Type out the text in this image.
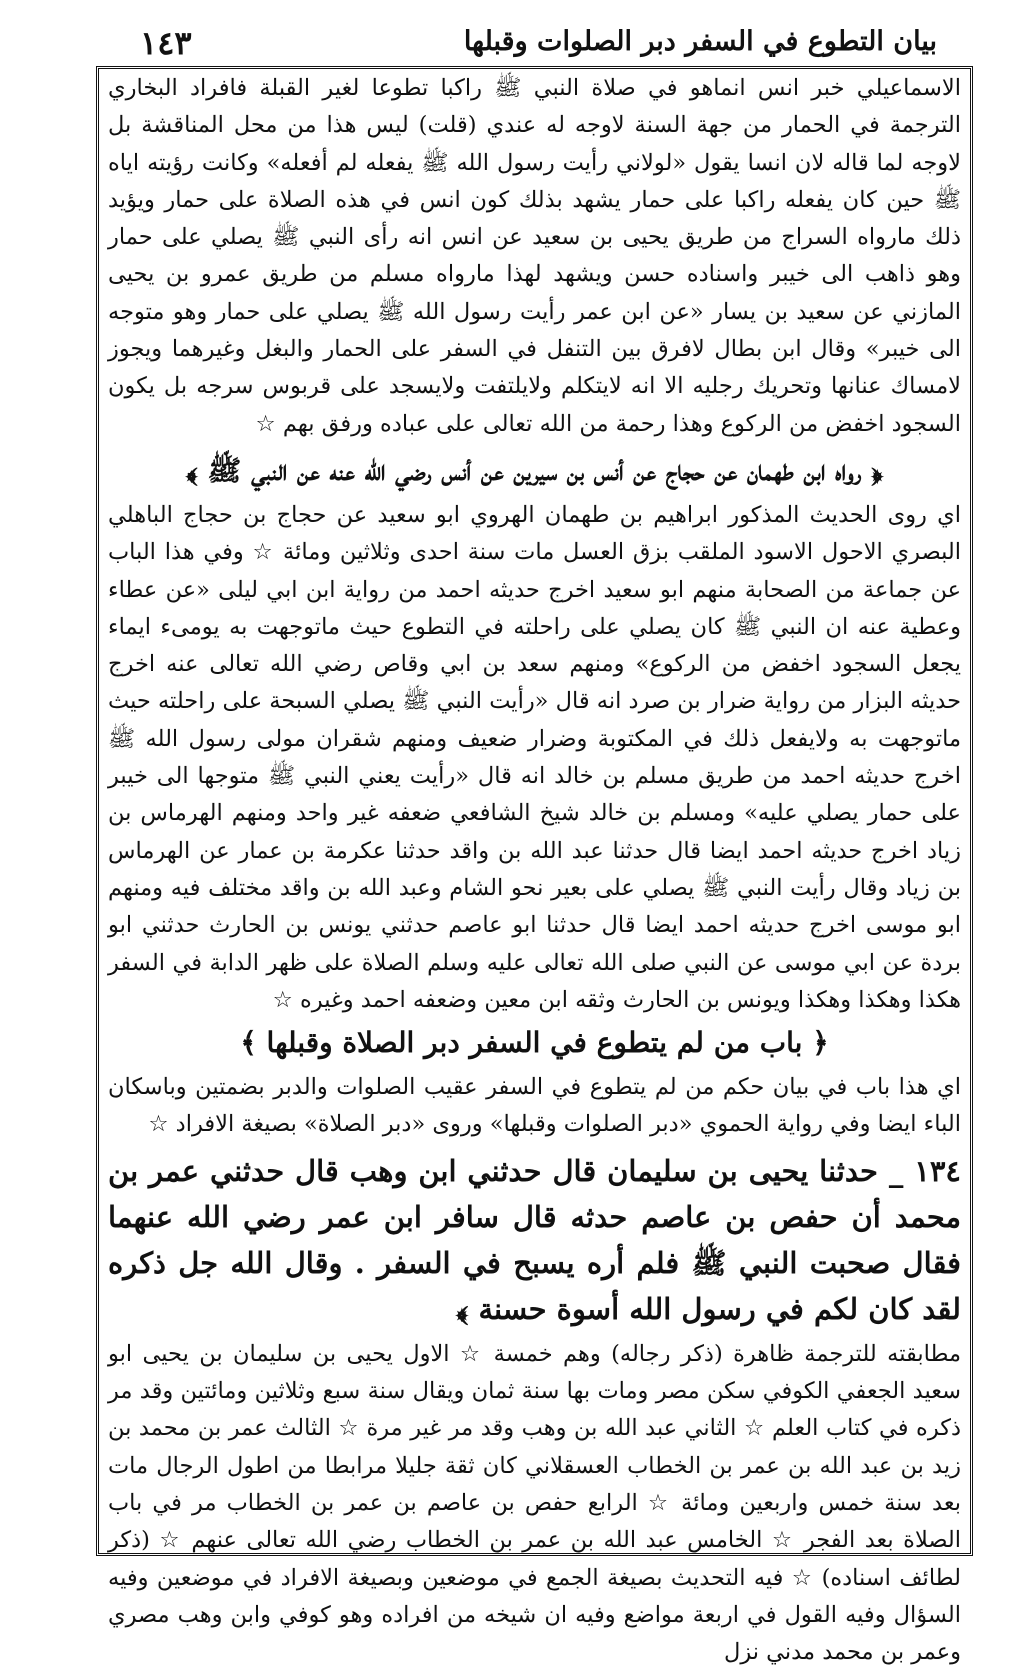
بيان التطوع في السفر دبر الصلوات وقبلها
١٤٣

الاسماعيلي خبر انس انماهو في صلاة النبي ﷺ راكبا تطوعا لغير القبلة فافراد البخاري الترجمة في الحمار من جهة السنة لاوجه له عندي (قلت) ليس هذا من محل المناقشة بل لاوجه لما قاله لان انسا يقول «لولاني رأيت رسول الله ﷺ يفعله لم أفعله» وكانت رؤيته اياه ﷺ حين كان يفعله راكبا على حمار يشهد بذلك كون انس في هذه الصلاة على حمار ويؤيد ذلك مارواه السراج من طريق يحيى بن سعيد عن انس انه رأى النبي ﷺ يصلي على حمار وهو ذاهب الى خيبر واسناده حسن ويشهد لهذا مارواه مسلم من طريق عمرو بن يحيى المازني عن سعيد بن يسار «عن ابن عمر رأيت رسول الله ﷺ يصلي على حمار وهو متوجه الى خيبر» وقال ابن بطال لافرق بين التنفل في السفر على الحمار والبغل وغيرهما ويجوز لامساك عنانها وتحريك رجليه الا انه لايتكلم ولايلتفت ولايسجد على قربوس سرجه بل يكون السجود اخفض من الركوع وهذا رحمة من الله تعالى على عباده ورفق بهم ☆

﴿ رواه ابن طهمان عن حجاج عن أنس بن سيرين عن أنس رضي الله عنه عن النبي ﷺ ﴾

اي روى الحديث المذكور ابراهيم بن طهمان الهروي ابو سعيد عن حجاج بن حجاج الباهلي البصري الاحول الاسود الملقب بزق العسل مات سنة احدى وثلاثين ومائة ☆ وفي هذا الباب عن جماعة من الصحابة منهم ابو سعيد اخرج حديثه احمد من رواية ابن ابي ليلى «عن عطاء وعطية عنه ان النبي ﷺ كان يصلي على راحلته في التطوع حيث ماتوجهت به يومىء ايماء يجعل السجود اخفض من الركوع» ومنهم سعد بن ابي وقاص رضي الله تعالى عنه اخرج حديثه البزار من رواية ضرار بن صرد انه قال «رأيت النبي ﷺ يصلي السبحة على راحلته حيث ماتوجهت به ولايفعل ذلك في المكتوبة وضرار ضعيف ومنهم شقران مولى رسول الله ﷺ اخرج حديثه احمد من طريق مسلم بن خالد انه قال «رأيت يعني النبي ﷺ متوجها الى خيبر على حمار يصلي عليه» ومسلم بن خالد شيخ الشافعي ضعفه غير واحد ومنهم الهرماس بن زياد اخرج حديثه احمد ايضا قال حدثنا عبد الله بن واقد حدثنا عكرمة بن عمار عن الهرماس بن زياد وقال رأيت النبي ﷺ يصلي على بعير نحو الشام وعبد الله بن واقد مختلف فيه ومنهم ابو موسى اخرج حديثه احمد ايضا قال حدثنا ابو عاصم حدثني يونس بن الحارث حدثني ابو بردة عن ابي موسى عن النبي صلى الله تعالى عليه وسلم الصلاة على ظهر الدابة في السفر هكذا وهكذا وهكذا ويونس بن الحارث وثقه ابن معين وضعفه احمد وغيره ☆

﴿ باب من لم يتطوع في السفر دبر الصلاة وقبلها ﴾

اي هذا باب في بيان حكم من لم يتطوع في السفر عقيب الصلوات والدبر بضمتين وباسكان الباء ايضا وفي رواية الحموي «دبر الصلوات وقبلها» وروى «دبر الصلاة» بصيغة الافراد ☆

١٣٤ _ حدثنا يحيى بن سليمان قال حدثني ابن وهب قال حدثني عمر بن محمد أن حفص بن عاصم حدثه قال سافر ابن عمر رضي الله عنهما فقال صحبت النبي ﷺ فلم أره يسبح في السفر . وقال الله جل ذكره لقد كان لكم في رسول الله أسوة حسنة ﴾

مطابقته للترجمة ظاهرة (ذكر رجاله) وهم خمسة ☆ الاول يحيى بن سليمان بن يحيى ابو سعيد الجعفي الكوفي سكن مصر ومات بها سنة ثمان ويقال سنة سبع وثلاثين ومائتين وقد مر ذكره في كتاب العلم ☆ الثاني عبد الله بن وهب وقد مر غير مرة ☆ الثالث عمر بن محمد بن زيد بن عبد الله بن عمر بن الخطاب العسقلاني كان ثقة جليلا مرابطا من اطول الرجال مات بعد سنة خمس واربعين ومائة ☆ الرابع حفص بن عاصم بن عمر بن الخطاب مر في باب الصلاة بعد الفجر ☆ الخامس عبد الله بن عمر بن الخطاب رضي الله تعالى عنهم ☆ (ذكر لطائف اسناده) ☆ فيه التحديث بصيغة الجمع في موضعين وبصيغة الافراد في موضعين وفيه السؤال وفيه القول في اربعة مواضع وفيه ان شيخه من افراده وهو كوفي وابن وهب مصري وعمر بن محمد مدني نزل
